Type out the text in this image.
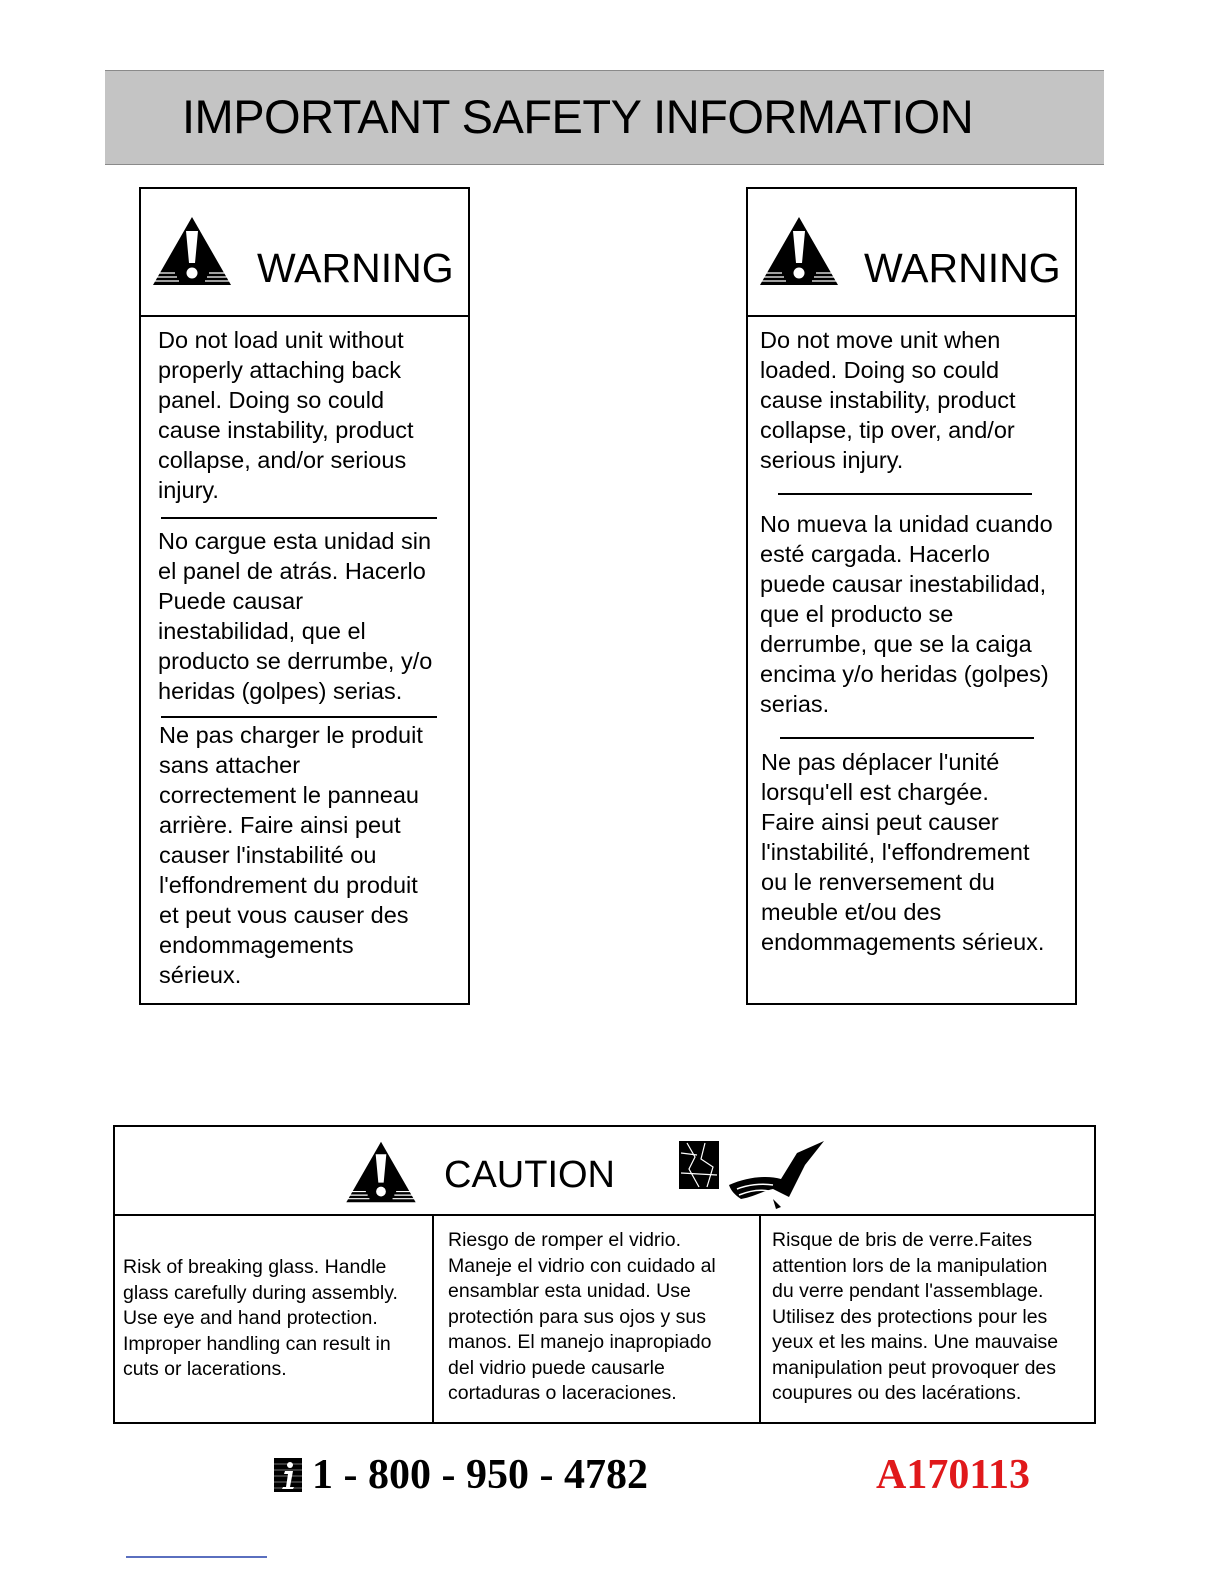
IMPORTANT SAFETY INFORMATION
WARNING

Do not load unit without
properly attaching back
panel. Doing so could
cause instability, product
collapse, and/or serious
injury.

No cargue esta unidad sin
el panel de atrás. Hacerlo
Puede causar
inestabilidad, que el
producto se derrumbe, y/o
heridas (golpes) serias.

Ne pas charger le produit
sans attacher
correctement le panneau
arrière. Faire ainsi peut
causer l'instabilité ou
l'effondrement du produit
et peut vous causer des
endommagements
sérieux.

WARNING

Do not move unit when
loaded. Doing so could
cause instability, product
collapse, tip over, and/or
serious injury.

No mueva la unidad cuando
esté cargada. Hacerlo
puede causar inestabilidad,
que el producto se
derrumbe, que se la caiga
encima y/o heridas (golpes)
serias.

Ne pas déplacer l'unité
lorsqu'ell est chargée.
Faire ainsi peut causer
l'instabilité, l'effondrement
ou le renversement du
meuble et/ou des
endommagements sérieux.

CAUTION
Risk of breaking glass. Handle
glass carefully during assembly.
Use eye and hand protection.
Improper handling can result in
cuts or lacerations.
Riesgo de romper el vidrio.
Maneje el vidrio con cuidado al
ensamblar esta unidad. Use
protectión para sus ojos y sus
manos. El manejo inapropiado
del vidrio puede causarle
cortaduras o laceraciones.
Risque de bris de verre.Faites
attention lors de la manipulation
du verre pendant l'assemblage.
Utilisez des protections pour les
yeux et les mains. Une mauvaise
manipulation peut provoquer des
coupures ou des lacérations.
1 - 800 - 950 - 4782	A170113
